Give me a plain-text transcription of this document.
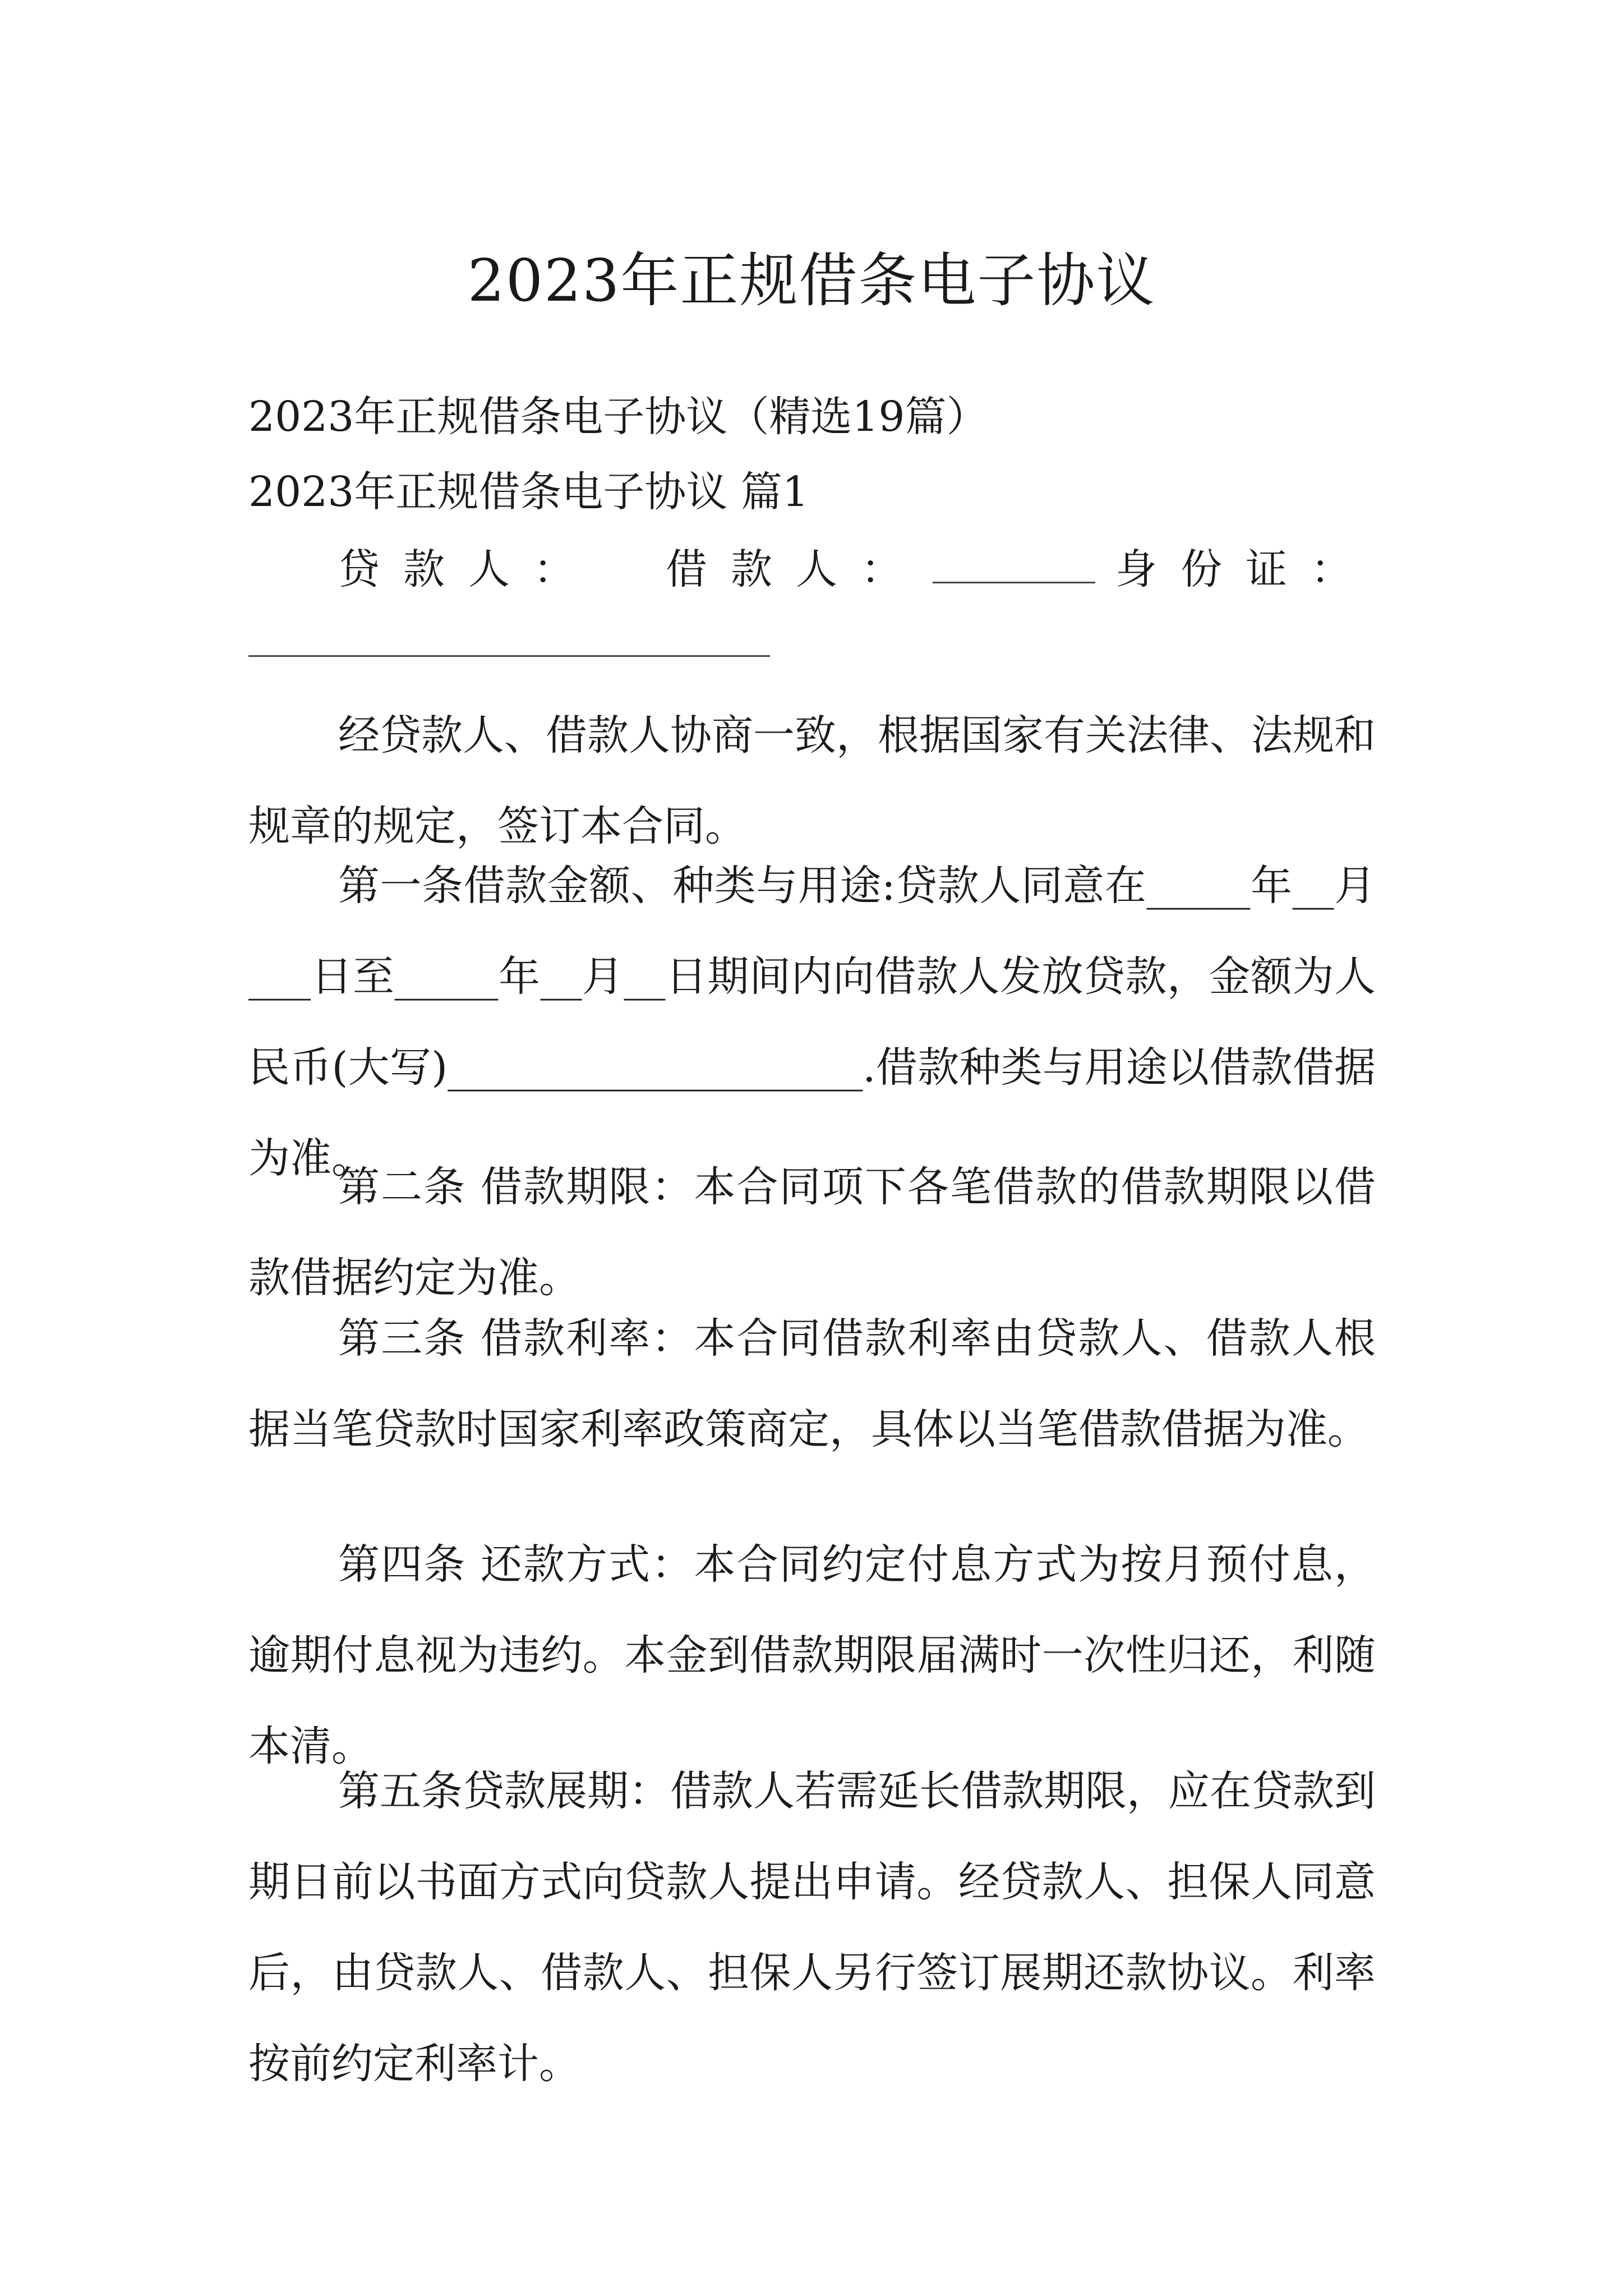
2023年正规借条电子协议
2023年正规借条电子协议（精选19篇）
2023年正规借条电子协议 篇1
贷款人： 借款人：	身份证：

经贷款人、借款人协商一致，根据国家有关法律、法规和规章的规定，签订本合同。

第一条借款金额、种类与用途:贷款人同意在_____年__月___日至_____年__月__日期间内向借款人发放贷款，金额为人民币(大写)____________________.借款种类与用途以借款借据为准。

第二条 借款期限：本合同项下各笔借款的借款期限以借款借据约定为准。

第三条 借款利率：本合同借款利率由贷款人、借款人根据当笔贷款时国家利率政策商定，具体以当笔借款借据为准。

第四条 还款方式：本合同约定付息方式为按月预付息，逾期付息视为违约。本金到借款期限届满时一次性归还，利随本清。

第五条贷款展期：借款人若需延长借款期限，应在贷款到期日前以书面方式向贷款人提出申请。经贷款人、担保人同意后，由贷款人、借款人、担保人另行签订展期还款协议。利率按前约定利率计。
